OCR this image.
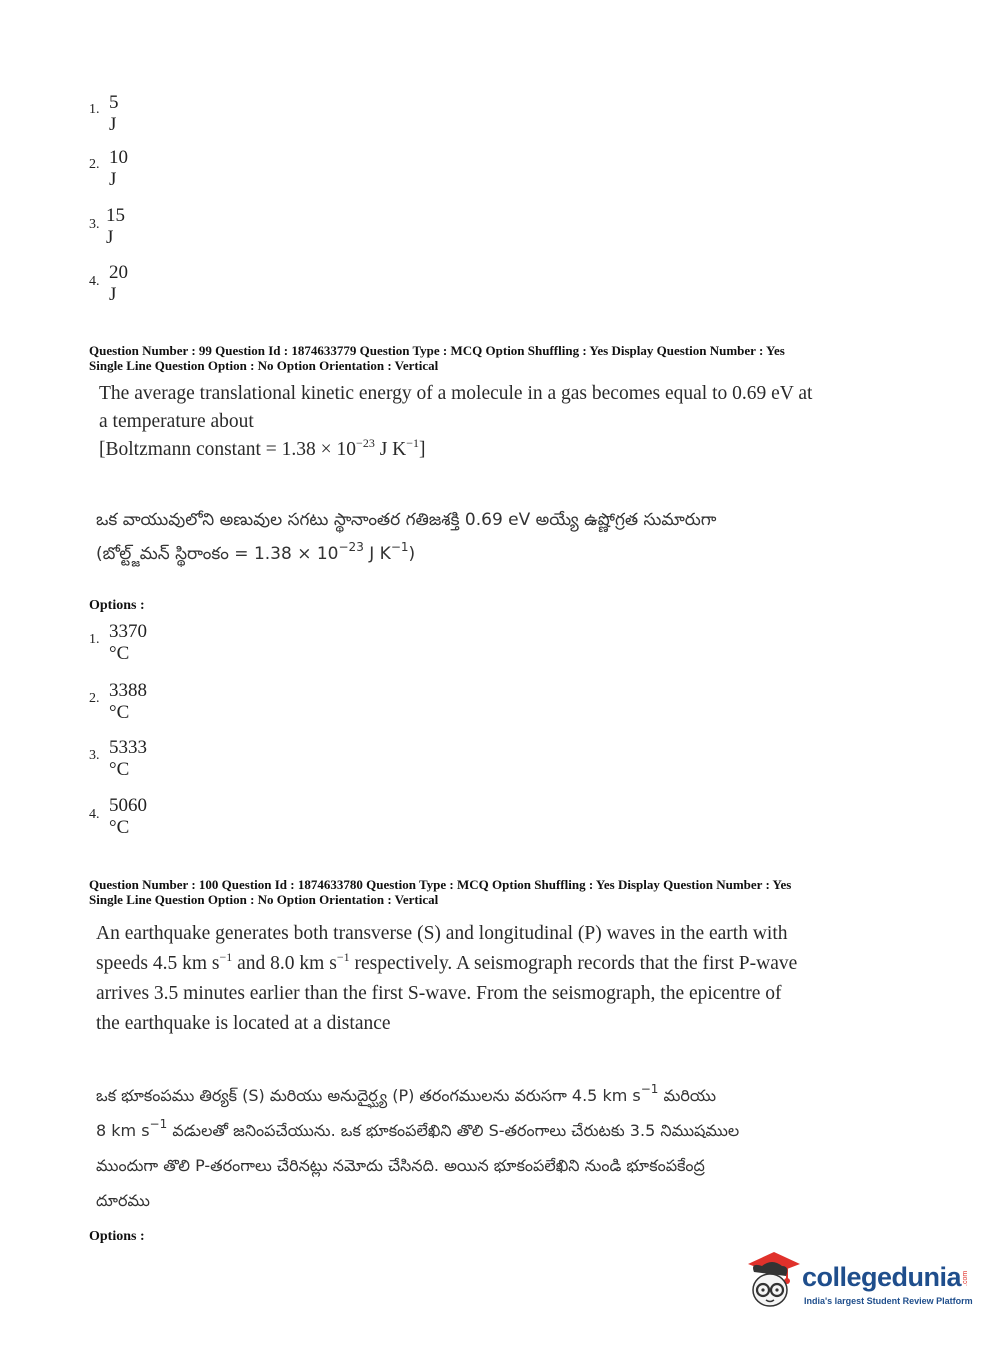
1. 5 J
2. 10 J
3. 15 J
4. 20 J
Question Number : 99 Question Id : 1874633779 Question Type : MCQ Option Shuffling : Yes Display Question Number : Yes
Single Line Question Option : No Option Orientation : Vertical
The average translational kinetic energy of a molecule in a gas becomes equal to 0.69 eV at
a temperature about
[Boltzmann constant = $1.38 \times 10^{-23}$ J $K^{-1}$]
ఒక వాయువులోని అణువుల సగటు స్థానాంతర గతిజశక్తి 0.69 eV అయ్యే ఉష్ణోగ్రత సుమారుగా
(బోల్ట్జ్‌మన్ స్థిరాంకం = $1.38 \times 10^{-23}$ J $K^{-1}$)
Options :
1. 3370 °C
2. 3388 °C
3. 5333 °C
4. 5060 °C
Question Number : 100 Question Id : 1874633780 Question Type : MCQ Option Shuffling : Yes Display Question Number : Yes
Single Line Question Option : No Option Orientation : Vertical
An earthquake generates both transverse (S) and longitudinal (P) waves in the earth with
speeds 4.5 km $s^{-1}$ and 8.0 km $s^{-1}$ respectively. A seismograph records that the first P-wave
arrives 3.5 minutes earlier than the first S-wave. From the seismograph, the epicentre of
the earthquake is located at a distance
ఒక భూకంపము తిర్యక్ (S) మరియు అనుదైర్ఘ్య (P) తరంగములను వరుసగా 4.5 km $s^{-1}$ మరియు
8 km $s^{-1}$ వడులతో జనింపచేయును. ఒక భూకంపలేఖిని తొలి S-తరంగాలు చేరుటకు 3.5 నిముషముల
ముందుగా తొలి P-తరంగాలు చేరినట్లు నమోదు చేసినది. అయిన భూకంపలేఖిని నుండి భూకంపకేంద్ర
దూరము
Options :
collegedunia.com
India's largest Student Review Platform
